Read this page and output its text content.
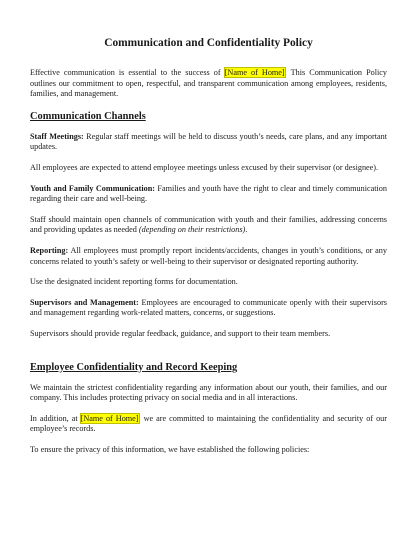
Communication and Confidentiality Policy

Effective communication is essential to the success of [Name of Home]. This Communication Policy outlines our commitment to open, respectful, and transparent communication among employees, residents, families, and management.

Communication Channels

Staff Meetings: Regular staff meetings will be held to discuss youth’s needs, care plans, and any important updates.

All employees are expected to attend employee meetings unless excused by their supervisor (or designee).

Youth and Family Communication: Families and youth have the right to clear and timely communication regarding their care and well-being.

Staff should maintain open channels of communication with youth and their families, addressing concerns and providing updates as needed (depending on their restrictions).

Reporting: All employees must promptly report incidents/accidents, changes in youth’s conditions, or any concerns related to youth’s safety or well-being to their supervisor or designated reporting authority.

Use the designated incident reporting forms for documentation.

Supervisors and Management: Employees are encouraged to communicate openly with their supervisors and management regarding work-related matters, concerns, or suggestions.

Supervisors should provide regular feedback, guidance, and support to their team members.

Employee Confidentiality and Record Keeping

We maintain the strictest confidentiality regarding any information about our youth, their families, and our company. This includes protecting privacy on social media and in all interactions.

In addition, at [Name of Home], we are committed to maintaining the confidentiality and security of our employee’s records.

To ensure the privacy of this information, we have established the following policies:
